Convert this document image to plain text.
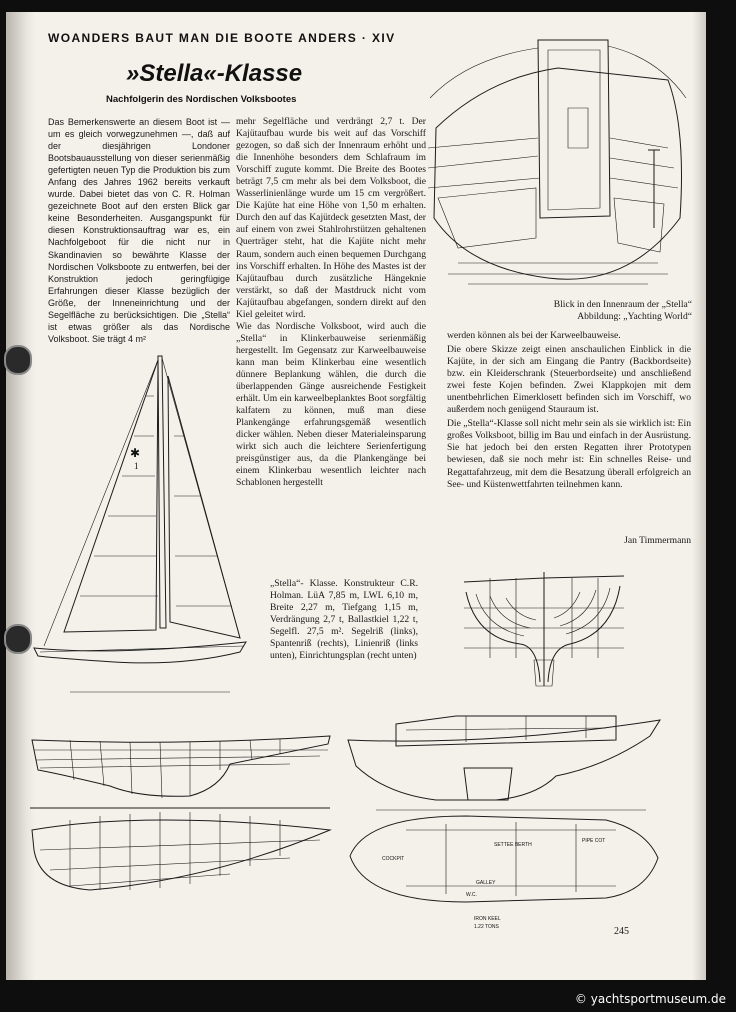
WOANDERS BAUT MAN DIE BOOTE ANDERS · XIV
»Stella«-Klasse
Nachfolgerin des Nordischen Volksbootes

Das Bemerkenswerte an diesem Boot ist — um es gleich vorwegzunehmen —, daß auf der diesjährigen Londoner Bootsbauausstellung von dieser serienmäßig gefertigten neuen Typ die Produktion bis zum Anfang des Jahres 1962 bereits verkauft wurde. Dabei bietet das von C. R. Holman gezeichnete Boot auf den ersten Blick gar keine Besonderheiten. Ausgangspunkt für diesen Konstruktionsauftrag war es, ein Nachfolgeboot für die nicht nur in Skandinavien so bewährte Klasse der Nordischen Volksboote zu entwerfen, bei der Konstruktion jedoch geringfügige Erfahrungen dieser Klasse bezüglich der Größe, der Inneneinrichtung und der Segelfläche zu berücksichtigen. Die „Stella“ ist etwas größer als das Nordische Volksboot. Sie trägt 4 m²

mehr Segelfläche und verdrängt 2,7 t. Der Kajütaufbau wurde bis weit auf das Vorschiff gezogen, so daß sich der Innenraum erhöht und die Innenhöhe besonders dem Schlafraum im Vorschiff zugute kommt. Die Breite des Bootes beträgt 7,5 cm mehr als bei dem Volksboot, die Wasserlinienlänge wurde um 15 cm vergrößert. Die Kajüte hat eine Höhe von 1,50 m erhalten. Durch den auf das Kajütdeck gesetzten Mast, der auf einem von zwei Stahlrohrstützen gehaltenen Querträger steht, hat die Kajüte nicht mehr Raum, sondern auch einen bequemen Durchgang ins Vorschiff erhalten. In Höhe des Mastes ist der Kajütaufbau durch zusätzliche Hängeknie verstärkt, so daß der Mastdruck nicht vom Kajütaufbau abgefangen, sondern direkt auf den Kiel geleitet wird.

Wie das Nordische Volksboot, wird auch die „Stella“ in Klinkerbauweise serienmäßig hergestellt. Im Gegensatz zur Karweelbauweise kann man beim Klinkerbau eine wesentlich dünnere Beplankung wählen, die durch die überlappenden Gänge ausreichende Festigkeit erhält. Um ein karweelbeplanktes Boot sorgfältig kalfatern zu können, muß man diese Plankengänge erfahrungsgemäß wesentlich dicker wählen. Neben dieser Materialeinsparung wirkt sich auch die leichtere Serienfertigung preisgünstiger aus, da die Plankengänge bei einem Klinkerbau wesentlich leichter nach Schablonen hergestellt

Blick in den Innenraum der „Stella“
Abbildung: „Yachting World“

werden können als bei der Karweelbauweise.

Die obere Skizze zeigt einen anschaulichen Einblick in die Kajüte, in der sich am Eingang die Pantry (Backbordseite) bzw. ein Kleiderschrank (Steuerbordseite) und anschließend zwei feste Kojen befinden. Zwei Klappkojen mit dem unentbehrlichen Eimerklosett befinden sich im Vorschiff, wo außerdem noch genügend Stauraum ist.

Die „Stella“-Klasse soll nicht mehr sein als sie wirklich ist: Ein großes Volksboot, billig im Bau und einfach in der Ausrüstung. Sie hat jedoch bei den ersten Regatten ihrer Prototypen bewiesen, daß sie noch mehr ist: Ein schnelles Reise- und Regattafahrzeug, mit dem die Besatzung überall erfolgreich an See- und Küstenwettfahrten teilnehmen kann.

Jan Timmermann
✱
1
„Stella“- Klasse. Konstrukteur C.R. Holman. LüA 7,85 m, LWL 6,10 m, Breite 2,27 m, Tiefgang 1,15 m, Verdrängung 2,7 t, Ballastkiel 1,22 t, Segelfl. 27,5 m². Segelriß (links), Spantenriß (rechts), Linienriß (links unten), Einrichtungsplan (recht unten)
GALLEY
SETTEE BERTH
PIPE COT
COCKPIT
W.C.
IRON KEEL
1.22 TONS	245
© yachtsportmuseum.de
